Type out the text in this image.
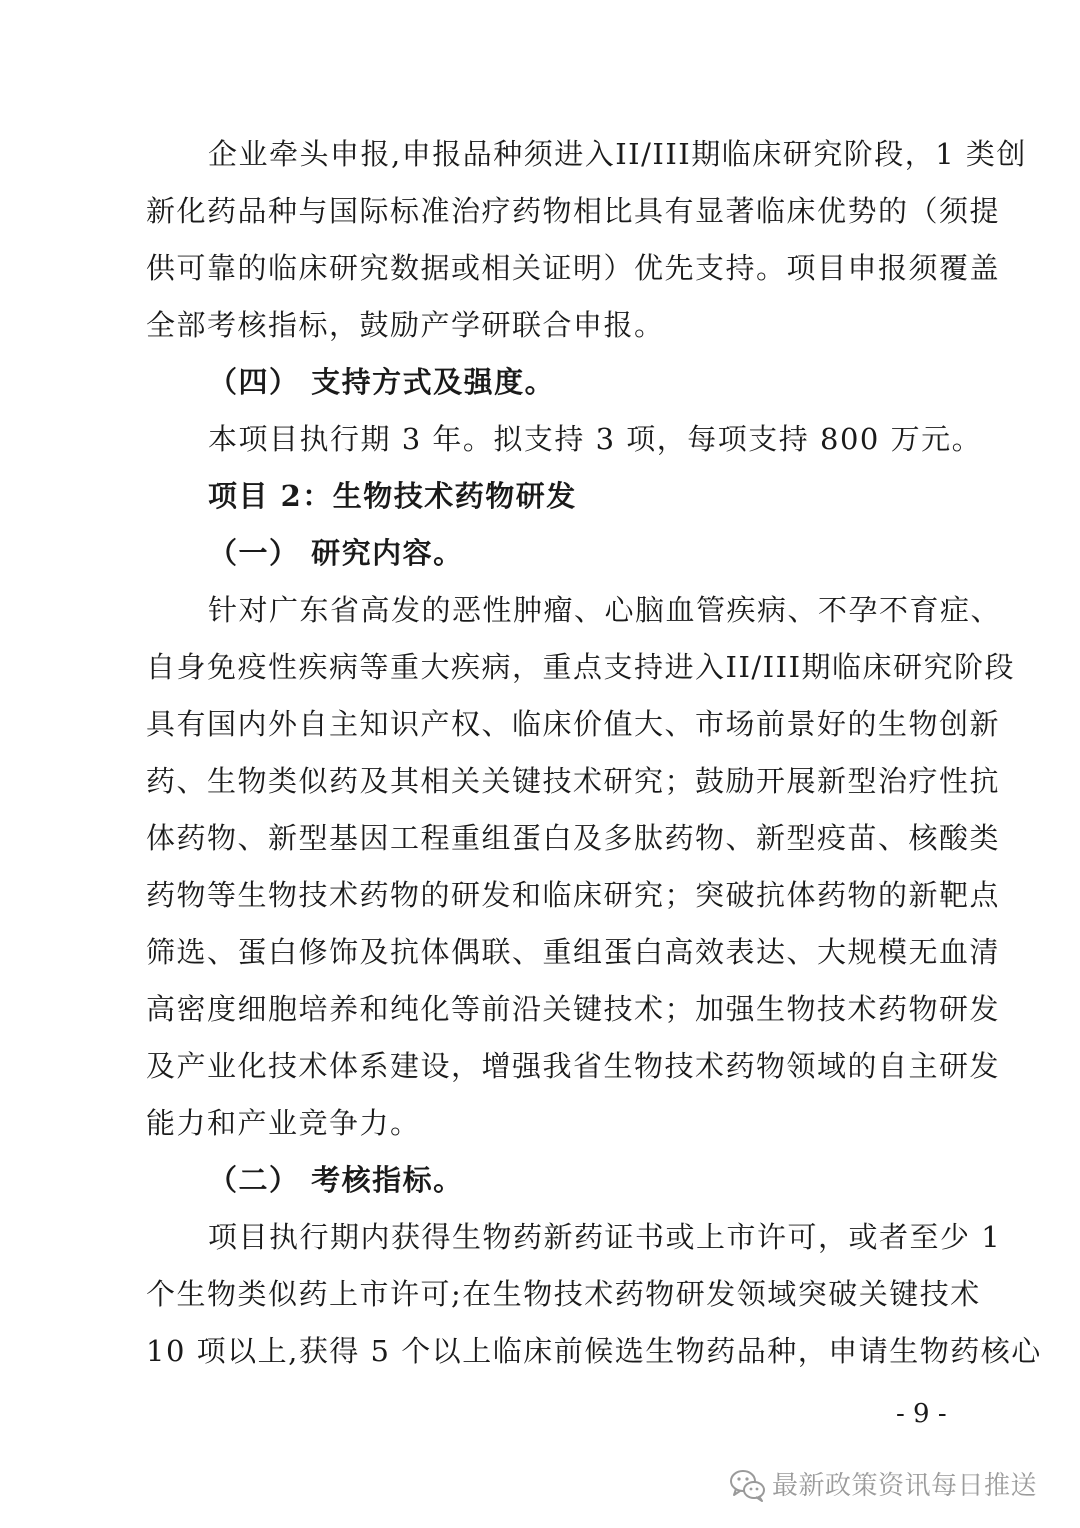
企业牵头申报,申报品种须进入II/III期临床研究阶段，1 类创
新化药品种与国际标准治疗药物相比具有显著临床优势的（须提
供可靠的临床研究数据或相关证明）优先支持。项目申报须覆盖
全部考核指标，鼓励产学研联合申报。
（四） 支持方式及强度。
本项目执行期 3 年。拟支持 3 项，每项支持 800 万元。
项目 2：生物技术药物研发
（一） 研究内容。
针对广东省高发的恶性肿瘤、心脑血管疾病、不孕不育症、
自身免疫性疾病等重大疾病，重点支持进入II/III期临床研究阶段
具有国内外自主知识产权、临床价值大、市场前景好的生物创新
药、生物类似药及其相关关键技术研究；鼓励开展新型治疗性抗
体药物、新型基因工程重组蛋白及多肽药物、新型疫苗、核酸类
药物等生物技术药物的研发和临床研究；突破抗体药物的新靶点
筛选、蛋白修饰及抗体偶联、重组蛋白高效表达、大规模无血清
高密度细胞培养和纯化等前沿关键技术；加强生物技术药物研发
及产业化技术体系建设，增强我省生物技术药物领域的自主研发
能力和产业竞争力。
（二） 考核指标。
项目执行期内获得生物药新药证书或上市许可，或者至少 1
个生物类似药上市许可;在生物技术药物研发领域突破关键技术
10 项以上,获得 5 个以上临床前候选生物药品种，申请生物药核心
- 9 -
最新政策资讯每日推送
